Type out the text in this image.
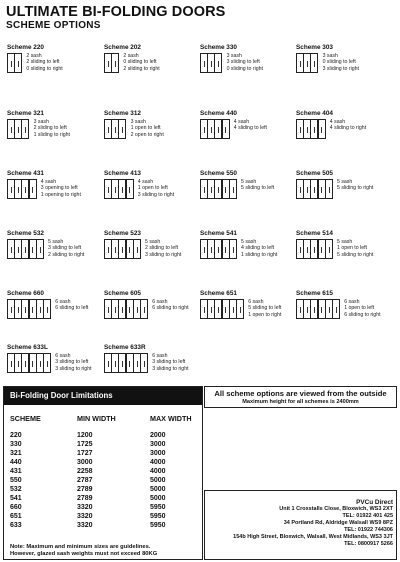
ULTIMATE BI-FOLDING DOORS
SCHEME OPTIONS
Scheme 220
2 sash
2 sliding to left
0 sliding to right
Scheme 202
2 sash
0 sliding to left
2 sliding to right
Scheme 330
3 sash
3 sliding to left
0 sliding to right
Scheme 303
3 sash
0 sliding to left
3 sliding to right
Scheme 321
3 sash
2 sliding to left
1 sliding to right
Scheme 312
3 sash
1 open to left
2 open to right
Scheme 440
4 sash
4 sliding to left
Scheme 404
4 sash
4 sliding to right
Scheme 431
4 sash
3 opening to left
1 opening to right
Scheme 413
4 sash
1 open to left
3 sliding to right
Scheme 550
5 sash
5 sliding to left
Scheme 505
5 sash
5 sliding to right
Scheme 532
5 sash
3 sliding to left
2 sliding to right
Scheme 523
5 sash
2 sliding to left
3 sliding to right
Scheme 541
5 sash
4 sliding to left
1 sliding to right
Scheme 514
5 sash
1 open to left
5 sliding to right
Scheme 660
6 sash
6 sliding to left
Scheme 605
6 sash
6 sliding to right
Scheme 651
6 sash
5 sliding to left
1 open to right
Scheme 615
6 sash
1 open to left
6 sliding to right
Scheme 633L
6 sash
3 sliding to left
3 sliding to right
Scheme 633R
6 sash
3 sliding to left
3 sliding to right
Bi-Folding Door Limitations
SCHEME	MIN WIDTH	MAX WIDTH
220	1200	2000
330	1725	3000
321	1727	3000
440	3000	4000
431	2258	4000
550	2787	5000
532	2789	5000
541	2789	5000
660	3320	5950
651	3320	5950
633	3320	5950
Note: Maximum and minimum sizes are guidelines.
However, glazed sash weights must not exceed 80KG
All scheme options are viewed from the outside
Maximum height for all schemes is 2400mm
PVCu Direct
Unit 1 Croxstalls Close, Bloxwich, WS3 2XT
TEL: 01922 401 425
34 Portland Rd, Aldridge Walsall WS9 8PZ
TEL: 01922 744306
154b High Street, Bloxwich, Walsall, West Midlands, WS3 3JT
TEL: 0800917 5266
